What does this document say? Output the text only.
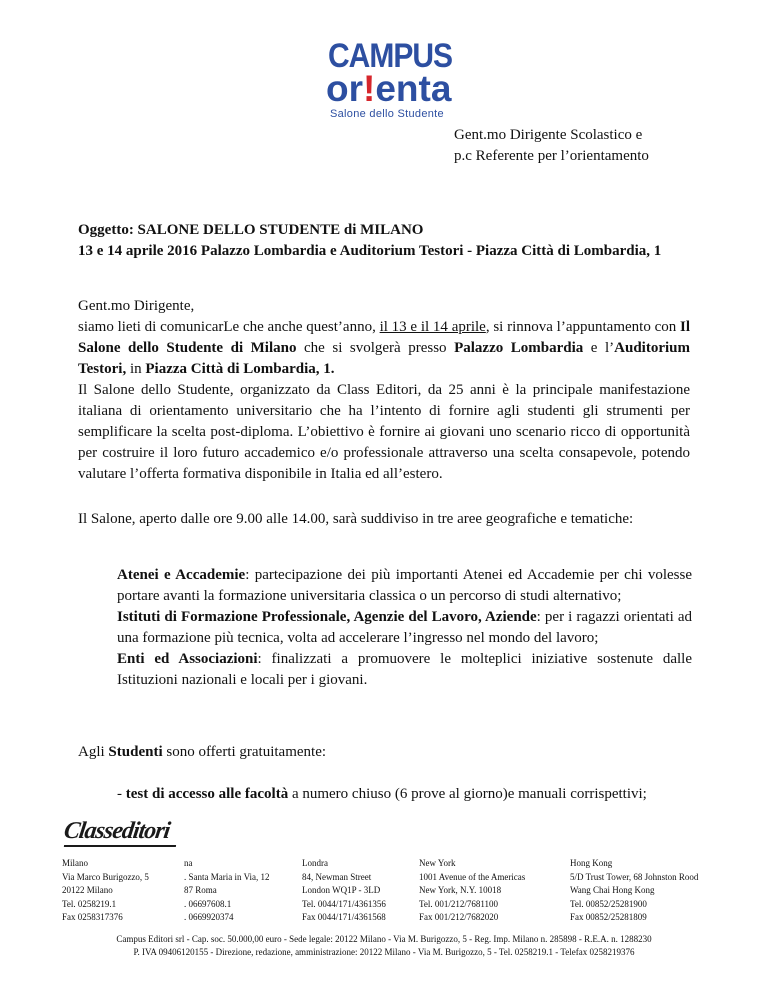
CAMPUS
or!enta
Salone dello Studente
Gent.mo Dirigente Scolastico e
p.c Referente per l’orientamento
Oggetto: SALONE DELLO STUDENTE di MILANO
13 e 14 aprile 2016 Palazzo Lombardia e Auditorium Testori - Piazza Città di Lombardia, 1
Gent.mo Dirigente,
siamo lieti di comunicarLe che anche quest’anno, il 13 e il 14 aprile, si rinnova l’appuntamento con Il Salone dello Studente di Milano che si svolgerà presso Palazzo Lombardia e l’Auditorium Testori, in Piazza Città di Lombardia, 1.
Il Salone dello Studente, organizzato da Class Editori, da 25 anni è la principale manifestazione italiana di orientamento universitario che ha l’intento di fornire agli studenti gli strumenti per semplificare la scelta post-diploma. L’obiettivo è fornire ai giovani uno scenario ricco di opportunità per costruire il loro futuro accademico e/o professionale attraverso una scelta consapevole, potendo valutare l’offerta formativa disponibile in Italia ed all’estero.
Il Salone, aperto dalle ore 9.00 alle 14.00, sarà suddiviso in tre aree geografiche e tematiche:
Atenei e Accademie: partecipazione dei più importanti Atenei ed Accademie per chi volesse portare avanti la formazione universitaria classica o un percorso di studi alternativo;
Istituti di Formazione Professionale, Agenzie del Lavoro, Aziende: per i ragazzi orientati ad una formazione più tecnica, volta ad accelerare l’ingresso nel mondo del lavoro;
Enti ed Associazioni: finalizzati a promuovere le molteplici iniziative sostenute dalle Istituzioni nazionali e locali per i giovani.
Agli Studenti sono offerti gratuitamente:
- test di accesso alle facoltà a numero chiuso (6 prove al giorno)e manuali corrispettivi;
Classeditori
Milano
Via Marco Burigozzo, 5
20122 Milano
Tel. 0258219.1
Fax 0258317376
na
. Santa Maria in Via, 12
87 Roma
. 06697608.1
. 0669920374
Londra
84, Newman Street
London WQ1P - 3LD
Tel. 0044/171/4361356
Fax 0044/171/4361568
New York
1001 Avenue of the Americas
New York, N.Y. 10018
Tel. 001/212/7681100
Fax 001/212/7682020
Hong Kong
5/D Trust Tower, 68 Johnston Rood
Wang Chai Hong Kong
Tel. 00852/25281900
Fax 00852/25281809
Campus Editori srl - Cap. soc. 50.000,00 euro - Sede legale: 20122 Milano - Via M. Burigozzo, 5 - Reg. Imp. Milano n. 285898 - R.E.A. n. 1288230
P. IVA 09406120155 - Direzione, redazione, amministrazione: 20122 Milano - Via M. Burigozzo, 5 - Tel. 0258219.1 - Telefax 0258219376
